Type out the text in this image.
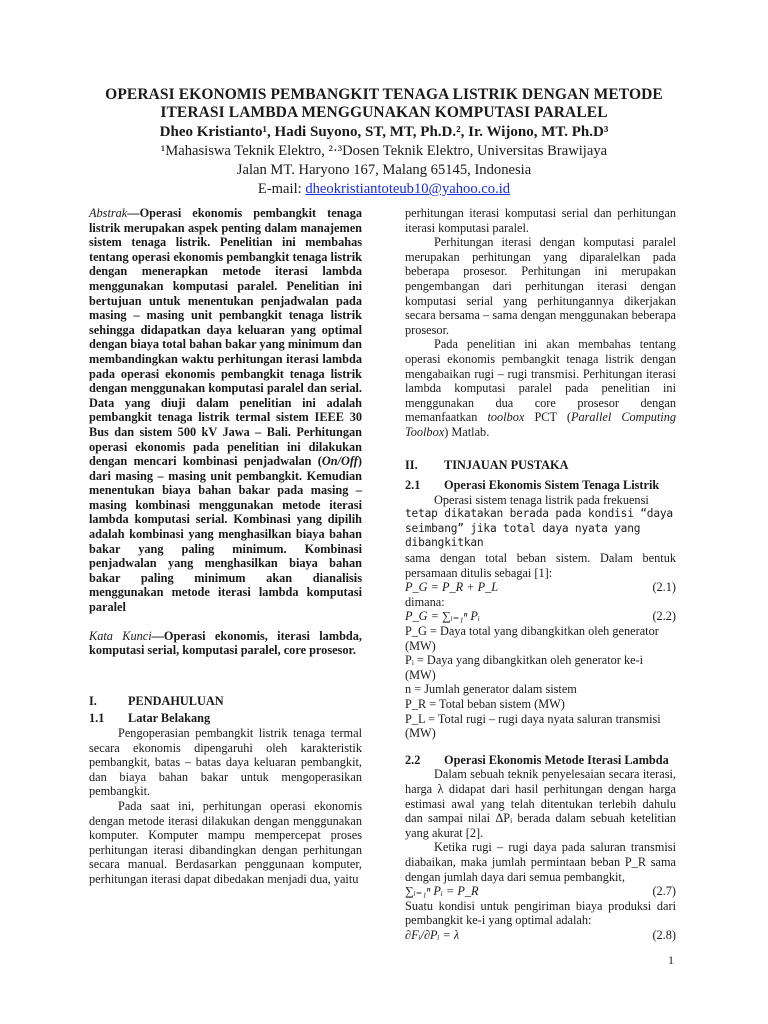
OPERASI EKONOMIS PEMBANGKIT TENAGA LISTRIK DENGAN METODE
ITERASI LAMBDA MENGGUNAKAN KOMPUTASI PARALEL
Dheo Kristianto¹, Hadi Suyono, ST, MT, Ph.D.², Ir. Wijono, MT. Ph.D³
¹Mahasiswa Teknik Elektro, ²·³Dosen Teknik Elektro, Universitas Brawijaya
Jalan MT. Haryono 167, Malang 65145, Indonesia
E-mail: dheokristiantoteub10@yahoo.co.id

Abstrak—Operasi ekonomis pembangkit tenaga listrik merupakan aspek penting dalam manajemen sistem tenaga listrik. Penelitian ini membahas tentang operasi ekonomis pembangkit tenaga listrik dengan menerapkan metode iterasi lambda menggunakan komputasi paralel. Penelitian ini bertujuan untuk menentukan penjadwalan pada masing – masing unit pembangkit tenaga listrik sehingga didapatkan daya keluaran yang optimal dengan biaya total bahan bakar yang minimum dan membandingkan waktu perhitungan iterasi lambda pada operasi ekonomis pembangkit tenaga listrik dengan menggunakan komputasi paralel dan serial. Data yang diuji dalam penelitian ini adalah pembangkit tenaga listrik termal sistem IEEE 30 Bus dan sistem 500 kV Jawa – Bali. Perhitungan operasi ekonomis pada penelitian ini dilakukan dengan mencari kombinasi penjadwalan (On/Off) dari masing – masing unit pembangkit. Kemudian menentukan biaya bahan bakar pada masing – masing kombinasi menggunakan metode iterasi lambda komputasi serial. Kombinasi yang dipilih adalah kombinasi yang menghasilkan biaya bahan bakar yang paling minimum. Kombinasi penjadwalan yang menghasilkan biaya bahan bakar paling minimum akan dianalisis menggunakan metode iterasi lambda komputasi paralel

Kata Kunci—Operasi ekonomis, iterasi lambda, komputasi serial, komputasi paralel, core prosesor.

I.	PENDAHULUAN
1.1	Latar Belakang

Pengoperasian pembangkit listrik tenaga termal secara ekonomis dipengaruhi oleh karakteristik pembangkit, batas – batas daya keluaran pembangkit, dan biaya bahan bakar untuk mengoperasikan pembangkit.

Pada saat ini, perhitungan operasi ekonomis dengan metode iterasi dilakukan dengan menggunakan komputer. Komputer mampu mempercepat proses perhitungan iterasi dibandingkan dengan perhitungan secara manual. Berdasarkan penggunaan komputer, perhitungan iterasi dapat dibedakan menjadi dua, yaitu

perhitungan iterasi komputasi serial dan perhitungan iterasi komputasi paralel.

Perhitungan iterasi dengan komputasi paralel merupakan perhitungan yang diparalelkan pada beberapa prosesor. Perhitungan ini merupakan pengembangan dari perhitungan iterasi dengan komputasi serial yang perhitungannya dikerjakan secara bersama – sama dengan menggunakan beberapa prosesor.

Pada penelitian ini akan membahas tentang operasi ekonomis pembangkit tenaga listrik dengan mengabaikan rugi – rugi transmisi. Perhitungan iterasi lambda komputasi paralel pada penelitian ini menggunakan dua core prosesor dengan memanfaatkan toolbox PCT (Parallel Computing Toolbox) Matlab.

II.	TINJAUAN PUSTAKA
2.1	Operasi Ekonomis Sistem Tenaga Listrik

Operasi sistem tenaga listrik pada frekuensi

tetap dikatakan berada pada kondisi “daya seimbang” jika total daya nyata yang dibangkitkan

sama dengan total beban sistem. Dalam bentuk persamaan ditulis sebagai [1]:

P_G = P_R + P_L	(2.1)

dimana:

P_G = ∑ᵢ₌₁ⁿ Pᵢ	(2.2)

P_G = Daya total yang dibangkitkan oleh generator (MW)

Pᵢ = Daya yang dibangkitkan oleh generator ke-i (MW)

n = Jumlah generator dalam sistem

P_R = Total beban sistem (MW)

P_L = Total rugi – rugi daya nyata saluran transmisi (MW)

2.2	Operasi Ekonomis Metode Iterasi Lambda

Dalam sebuah teknik penyelesaian secara iterasi, harga λ didapat dari hasil perhitungan dengan harga estimasi awal yang telah ditentukan terlebih dahulu dan sampai nilai ΔPᵢ berada dalam sebuah ketelitian yang akurat [2].

Ketika rugi – rugi daya pada saluran transmisi diabaikan, maka jumlah permintaan beban P_R sama dengan jumlah daya dari semua pembangkit,

∑ᵢ₌₁ⁿ Pᵢ = P_R	(2.7)

Suatu kondisi untuk pengiriman biaya produksi dari pembangkit ke-i yang optimal adalah:

∂Fᵢ/∂Pᵢ = λ	(2.8)
1
